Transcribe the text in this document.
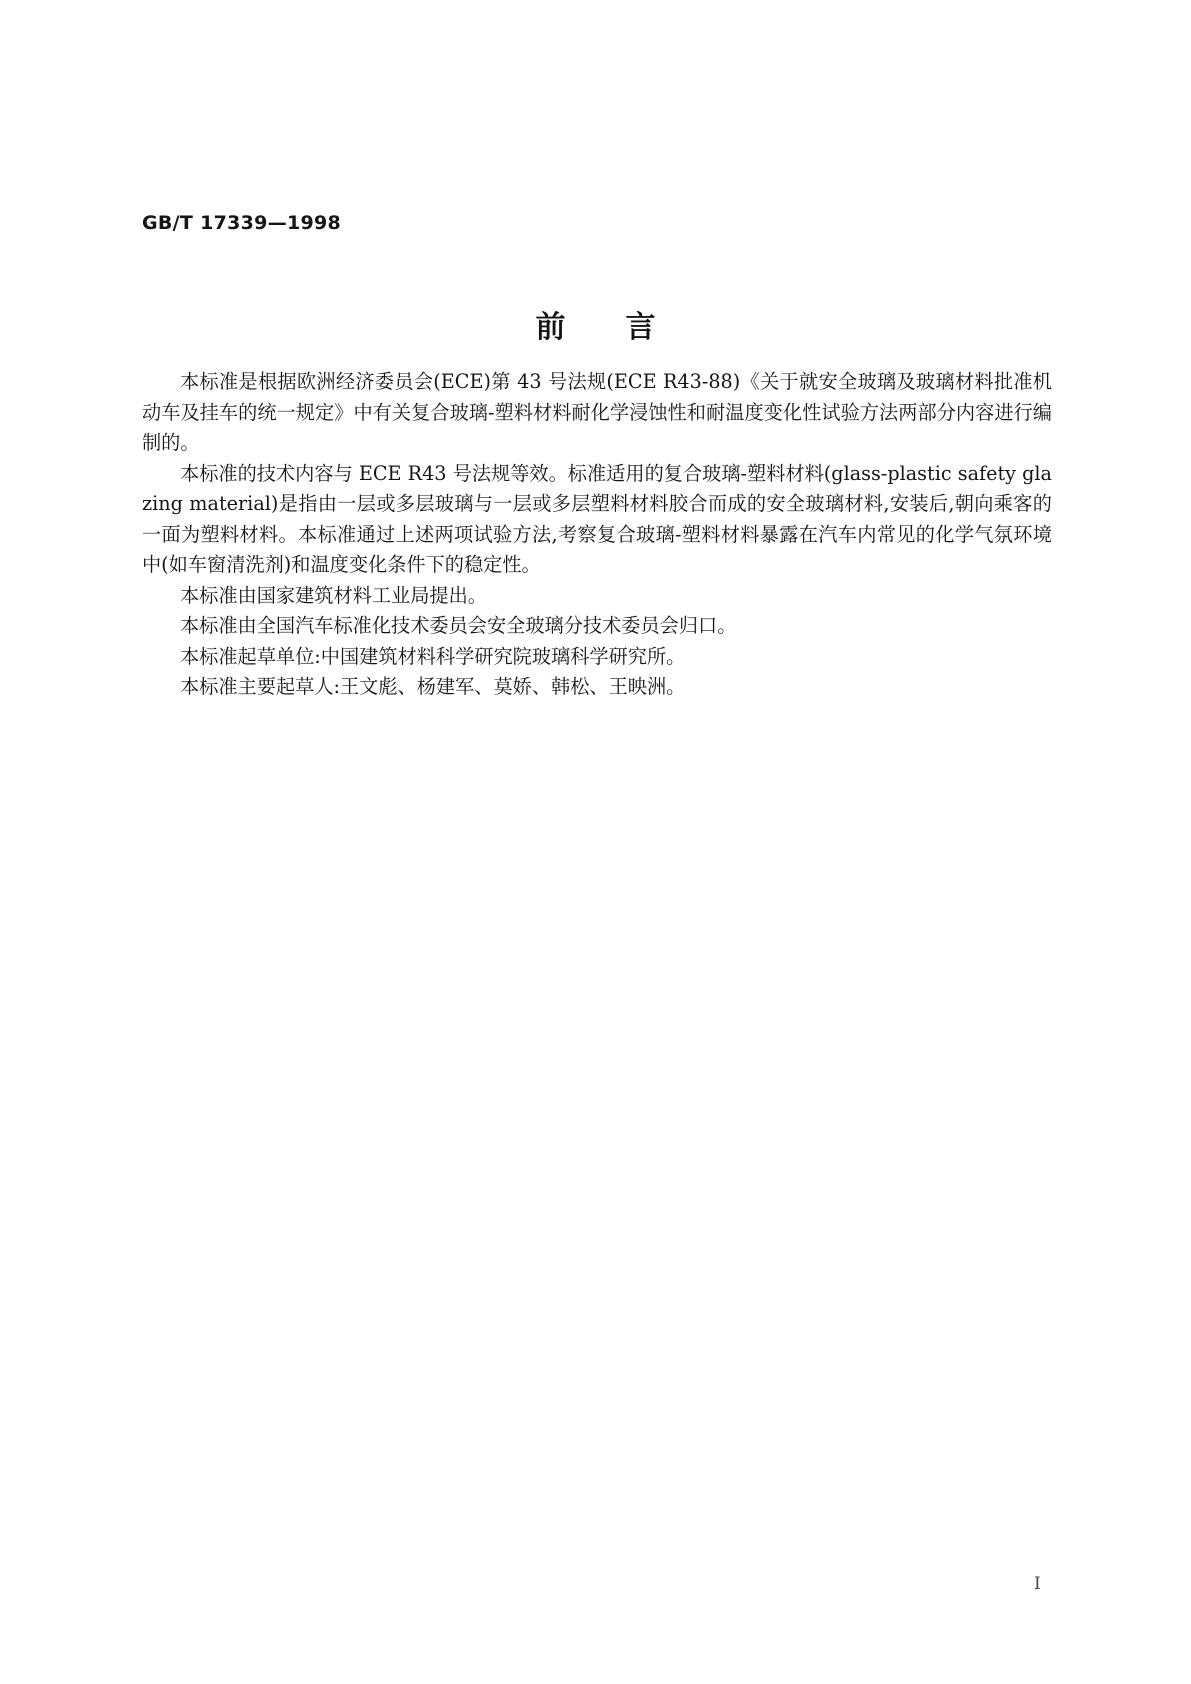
GB/T 17339—1998
前言

本标准是根据欧洲经济委员会(ECE)第 43 号法规(ECE R43-88)《关于就安全玻璃及玻璃材料批准机动车及挂车的统一规定》中有关复合玻璃-塑料材料耐化学浸蚀性和耐温度变化性试验方法两部分内容进行编制的。

本标准的技术内容与 ECE R43 号法规等效。标准适用的复合玻璃-塑料材料(glass-plastic safety glazing material)是指由一层或多层玻璃与一层或多层塑料材料胶合而成的安全玻璃材料,安装后,朝向乘客的一面为塑料材料。本标准通过上述两项试验方法,考察复合玻璃-塑料材料暴露在汽车内常见的化学气氛环境中(如车窗清洗剂)和温度变化条件下的稳定性。

本标准由国家建筑材料工业局提出。

本标准由全国汽车标准化技术委员会安全玻璃分技术委员会归口。

本标准起草单位:中国建筑材料科学研究院玻璃科学研究所。

本标准主要起草人:王文彪、杨建军、莫娇、韩松、王映洲。

I
